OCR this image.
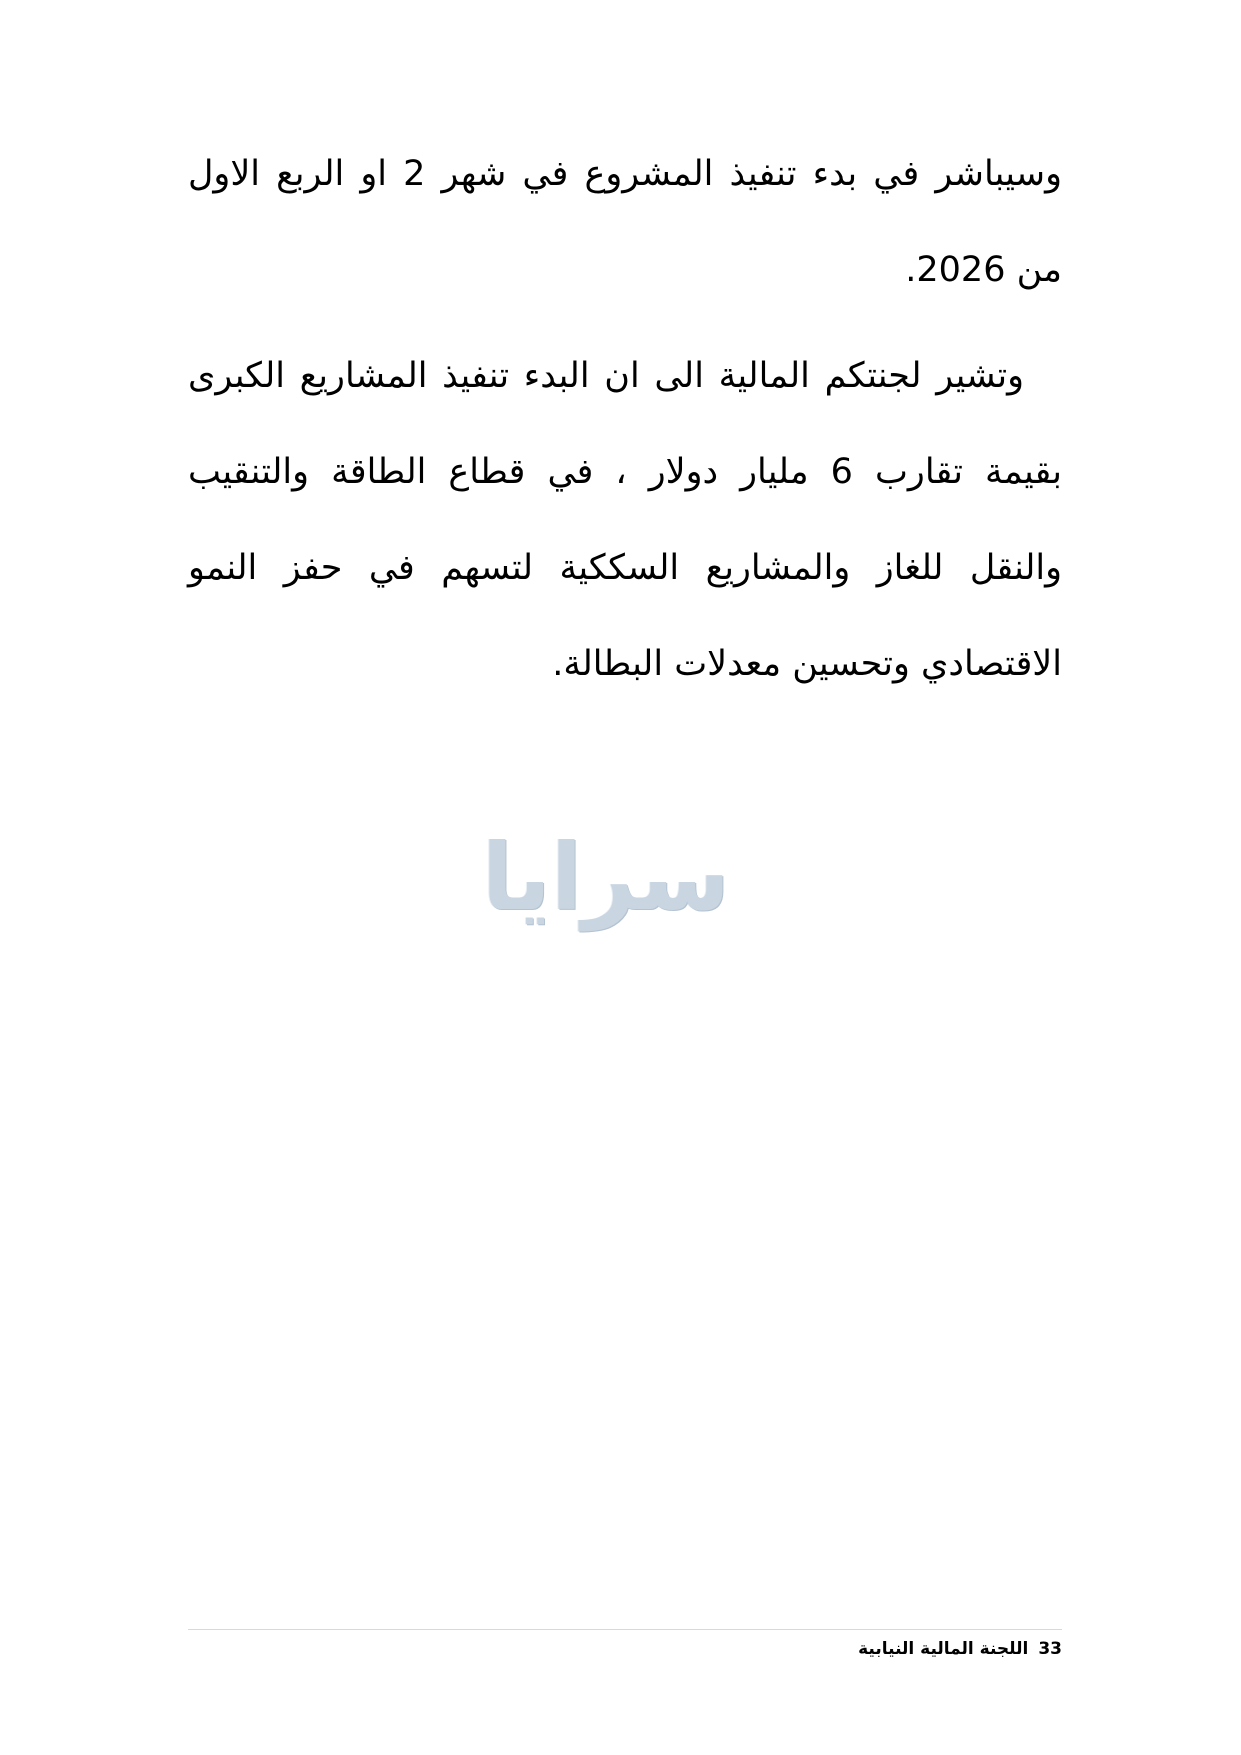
وسيباشر في بدء تنفيذ المشروع في شهر 2 او الربع الاول من 2026.

وتشير لجنتكم المالية الى ان البدء تنفيذ المشاريع الكبرى بقيمة تقارب 6 مليار دولار ، في قطاع الطاقة والتنقيب والنقل للغاز والمشاريع السككية لتسهم في حفز النمو الاقتصادي وتحسين معدلات البطالة.

سرايا
33اللجنة المالية النيابية
